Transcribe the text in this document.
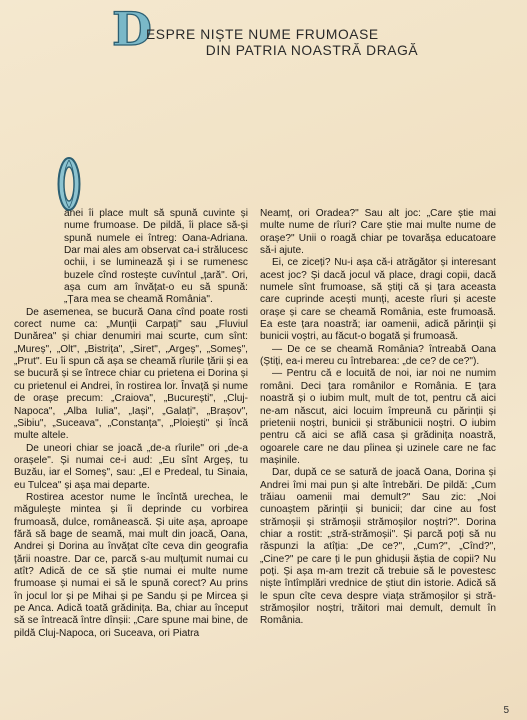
D
ESPRE NIȘTE NUME FRUMOASE
DIN PATRIA NOASTRĂ DRAGĂ

anei îi place mult să spună cuvinte și nume frumoase. De pildă, îi place să-și spună numele ei întreg: Oana-Adriana. Dar mai ales am observat ca-i strălucesc ochii, i se luminează și i se rumenesc buzele cînd rostește cuvîntul „țară". Ori, așa cum am învățat-o eu să spună: „Țara mea se cheamă România".

De asemenea, se bucură Oana cînd poate rosti corect nume ca: „Munții Carpați" sau „Fluviul Dunărea" și chiar denumiri mai scurte, cum sînt: „Mureș", „Olt", „Bistrița", „Siret", „Argeș", „Someș", „Prut". Eu îi spun că așa se cheamă rîurile țării și ea se bucură și se întrece chiar cu prietena ei Dorina și cu prietenul ei Andrei, în rostirea lor. Învață și nume de orașe precum: „Craiova", „București", „Cluj-Napoca", „Alba Iulia", „Iași", „Galați", „Brașov", „Sibiu", „Suceava", „Constanța", „Ploiești" și încă multe altele.

De uneori chiar se joacă „de-a rîurile" ori „de-a orașele". Și numai ce-i aud: „Eu sînt Argeș, tu Buzău, iar el Someș", sau: „El e Predeal, tu Sinaia, eu Tulcea" și așa mai departe.

Rostirea acestor nume le încîntă urechea, le măgulește mintea și îi deprinde cu vorbirea frumoasă, dulce, românească. Și uite așa, aproape fără să bage de seamă, mai mult din joacă, Oana, Andrei și Dorina au învățat cîte ceva din geografia țării noastre. Dar ce, parcă s-au mulțumit numai cu atît? Adică de ce să știe numai ei multe nume frumoase și numai ei să le spună corect? Au prins în jocul lor și pe Mihai și pe Sandu și pe Mircea și pe Anca. Adică toată grădinița. Ba, chiar au început să se întreacă între dînșii: „Care spune mai bine, de pildă Cluj-Napoca, ori Suceava, ori Piatra

Neamț, ori Oradea?" Sau alt joc: „Care știe mai multe nume de rîuri? Care știe mai multe nume de orașe?" Unii o roagă chiar pe tovarășa educatoare să-i ajute.

Ei, ce ziceți? Nu-i așa că-i atrăgător și interesant acest joc? Și dacă jocul vă place, dragi copii, dacă numele sînt frumoase, să știți că și țara aceasta care cuprinde acești munți, aceste rîuri și aceste orașe și care se cheamă România, este frumoasă. Ea este țara noastră; iar oamenii, adică părinții și bunicii voștri, au făcut-o bogată și frumoasă.

— De ce se cheamă România? întreabă Oana (Știți, ea-i mereu cu întrebarea: „de ce? de ce?").

— Pentru că e locuită de noi, iar noi ne numim români. Deci țara românilor e România. E țara noastră și o iubim mult, mult de tot, pentru că aici ne-am născut, aici locuim împreună cu părinții și prietenii noștri, bunicii și străbunicii noștri. O iubim pentru că aici se află casa și grădinița noastră, ogoarele care ne dau pîinea și uzinele care ne fac mașinile.

Dar, după ce se satură de joacă Oana, Dorina și Andrei îmi mai pun și alte întrebări. De pildă: „Cum trăiau oamenii mai demult?" Sau zic: „Noi cunoaștem părinții și bunicii; dar cine au fost strămoșii și strămoșii strămoșilor noștri?". Dorina chiar a rostit: „stră-strămoșii". Și parcă poți să nu răspunzi la atîția: „De ce?", „Cum?", „Cînd?", „Cine?" pe care ți le pun ghidușii ăștia de copii? Nu poți. Și așa m-am trezit că trebuie să le povestesc niște întîmplări vrednice de știut din istorie. Adică să le spun cîte ceva despre viața strămoșilor și stră-strămoșilor noștri, trăitori mai demult, demult în România.

5
